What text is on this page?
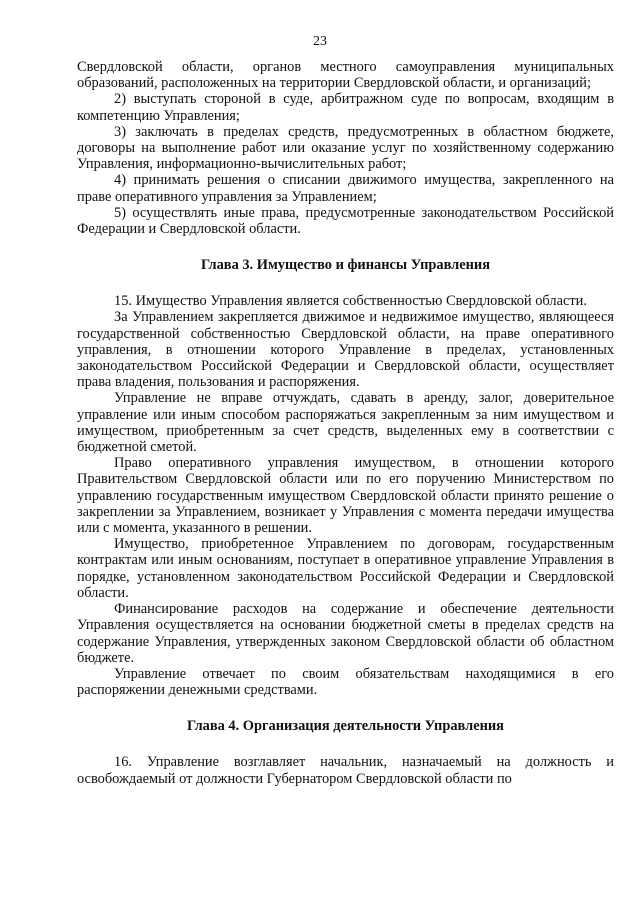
23

Свердловской области, органов местного самоуправления муниципальных образований, расположенных на территории Свердловской области, и организаций;

2) выступать стороной в суде, арбитражном суде по вопросам, входящим в компетенцию Управления;

3) заключать в пределах средств, предусмотренных в областном бюджете, договоры на выполнение работ или оказание услуг по хозяйственному содержанию Управления, информационно-вычислительных работ;

4) принимать решения о списании движимого имущества, закрепленного на праве оперативного управления за Управлением;

5) осуществлять иные права, предусмотренные законодательством Российской Федерации и Свердловской области.

Глава 3. Имущество и финансы Управления

15. Имущество Управления является собственностью Свердловской области.

За Управлением закрепляется движимое и недвижимое имущество, являющееся государственной собственностью Свердловской области, на праве оперативного управления, в отношении которого Управление в пределах, установленных законодательством Российской Федерации и Свердловской области, осуществляет права владения, пользования и распоряжения.

Управление не вправе отчуждать, сдавать в аренду, залог, доверительное управление или иным способом распоряжаться закрепленным за ним имуществом и имуществом, приобретенным за счет средств, выделенных ему в соответствии с бюджетной сметой.

Право оперативного управления имуществом, в отношении которого Правительством Свердловской области или по его поручению Министерством по управлению государственным имуществом Свердловской области принято решение о закреплении за Управлением, возникает у Управления с момента передачи имущества или с момента, указанного в решении.

Имущество, приобретенное Управлением по договорам, государственным контрактам или иным основаниям, поступает в оперативное управление Управления в порядке, установленном законодательством Российской Федерации и Свердловской области.

Финансирование расходов на содержание и обеспечение деятельности Управления осуществляется на основании бюджетной сметы в пределах средств на содержание Управления, утвержденных законом Свердловской области об областном бюджете.

Управление отвечает по своим обязательствам находящимися в его распоряжении денежными средствами.

Глава 4. Организация деятельности Управления

16. Управление возглавляет начальник, назначаемый на должность и освобождаемый от должности Губернатором Свердловской области по
